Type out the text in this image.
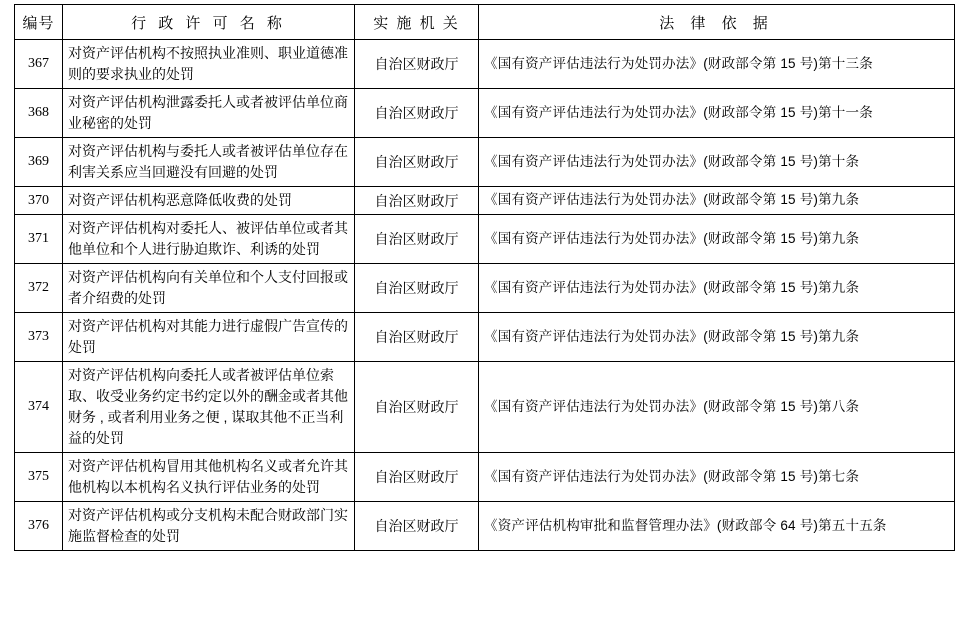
编号	行 政 许 可 名 称	实 施 机 关	法 律 依 据
367	对资产评估机构不按照执业准则、职业道德准则的要求执业的处罚	自治区财政厅	《国有资产评估违法行为处罚办法》(财政部令第 15 号)第十三条
368	对资产评估机构泄露委托人或者被评估单位商业秘密的处罚	自治区财政厅	《国有资产评估违法行为处罚办法》(财政部令第 15 号)第十一条
369	对资产评估机构与委托人或者被评估单位存在利害关系应当回避没有回避的处罚	自治区财政厅	《国有资产评估违法行为处罚办法》(财政部令第 15 号)第十条
370	对资产评估机构恶意降低收费的处罚	自治区财政厅	《国有资产评估违法行为处罚办法》(财政部令第 15 号)第九条
371	对资产评估机构对委托人、被评估单位或者其他单位和个人进行胁迫欺诈、利诱的处罚	自治区财政厅	《国有资产评估违法行为处罚办法》(财政部令第 15 号)第九条
372	对资产评估机构向有关单位和个人支付回报或者介绍费的处罚	自治区财政厅	《国有资产评估违法行为处罚办法》(财政部令第 15 号)第九条
373	对资产评估机构对其能力进行虚假广告宣传的处罚	自治区财政厅	《国有资产评估违法行为处罚办法》(财政部令第 15 号)第九条
374	对资产评估机构向委托人或者被评估单位索取、收受业务约定书约定以外的酬金或者其他财务 , 或者利用业务之便 , 谋取其他不正当利益的处罚	自治区财政厅	《国有资产评估违法行为处罚办法》(财政部令第 15 号)第八条
375	对资产评估机构冒用其他机构名义或者允许其他机构以本机构名义执行评估业务的处罚	自治区财政厅	《国有资产评估违法行为处罚办法》(财政部令第 15 号)第七条
376	对资产评估机构或分支机构未配合财政部门实施监督检查的处罚	自治区财政厅	《资产评估机构审批和监督管理办法》(财政部令 64 号)第五十五条
